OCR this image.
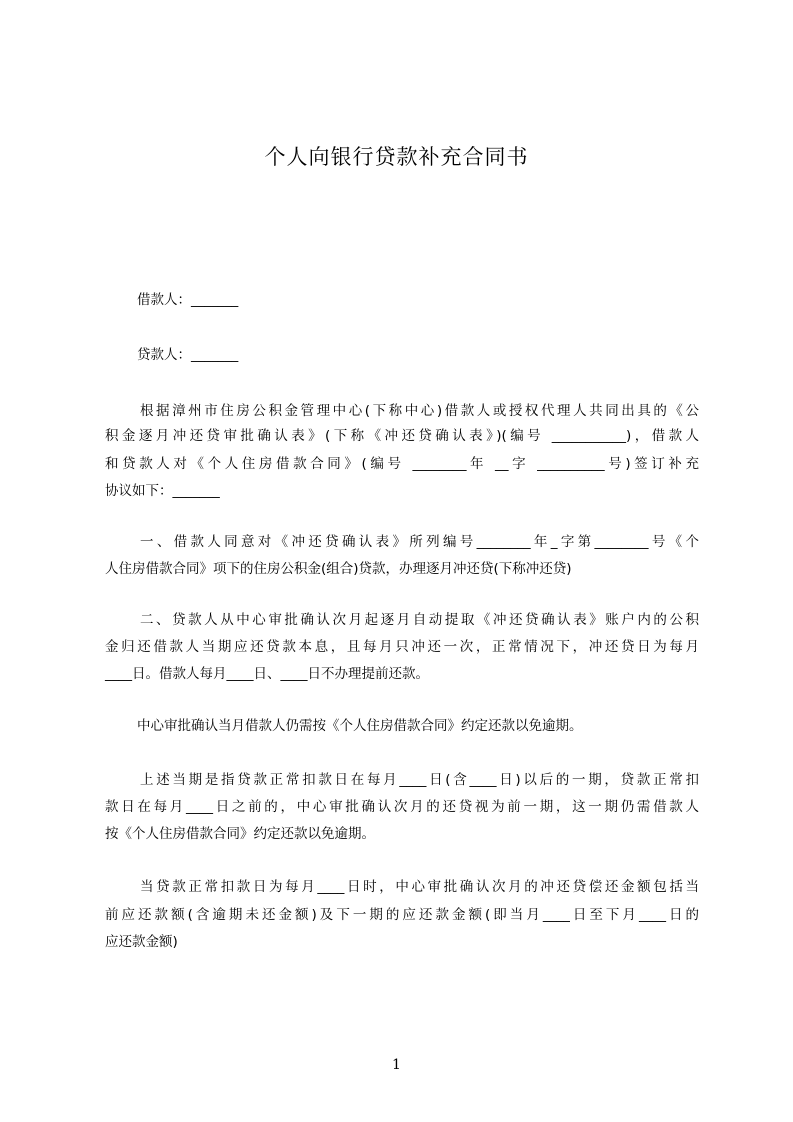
个人向银行贷款补充合同书
借款人：_______
贷款人：_______
根据漳州市住房公积金管理中心(下称中心)借款人或授权代理人共同出具的《公
积金逐月冲还贷审批确认表》(下称《冲还贷确认表》)(编号 ___________)，借款人
和贷款人对《个人住房借款合同》(编号 ________年 __字 __________号)签订补充
协议如下：_______
一、借款人同意对《冲还贷确认表》所列编号________年_字第________号《个
人住房借款合同》项下的住房公积金(组合)贷款，办理逐月冲还贷(下称冲还贷)
二、贷款人从中心审批确认次月起逐月自动提取《冲还贷确认表》账户内的公积
金归还借款人当期应还贷款本息，且每月只冲还一次，正常情况下，冲还贷日为每月
____日。借款人每月____日、____日不办理提前还款。
中心审批确认当月借款人仍需按《个人住房借款合同》约定还款以免逾期。
上述当期是指贷款正常扣款日在每月____日(含____日)以后的一期，贷款正常扣
款日在每月____日之前的，中心审批确认次月的还贷视为前一期，这一期仍需借款人
按《个人住房借款合同》约定还款以免逾期。
当贷款正常扣款日为每月____日时，中心审批确认次月的冲还贷偿还金额包括当
前应还款额(含逾期未还金额)及下一期的应还款金额(即当月____日至下月____日的
应还款金额)
1
